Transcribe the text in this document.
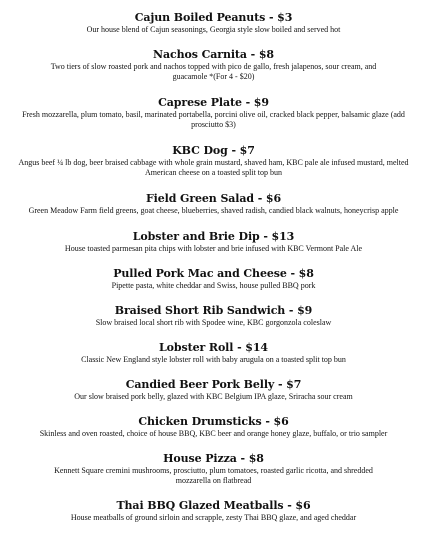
Cajun Boiled Peanuts - $3
Our house blend of Cajun seasonings, Georgia style slow boiled and served hot
Nachos Carnita - $8
Two tiers of slow roasted pork and nachos topped with pico de gallo, fresh jalapenos, sour cream, and guacamole *(For 4 - $20)
Caprese Plate - $9
Fresh mozzarella, plum tomato, basil, marinated portabella, porcini olive oil, cracked black pepper, balsamic glaze (add prosciutto $3)
KBC Dog - $7
Angus beef ¼ lb dog, beer braised cabbage with whole grain mustard, shaved ham, KBC pale ale infused mustard, melted American cheese on a toasted split top bun
Field Green Salad - $6
Green Meadow Farm field greens, goat cheese, blueberries, shaved radish, candied black walnuts, honeycrisp apple
Lobster and Brie Dip - $13
House toasted parmesan pita chips with lobster and brie infused with KBC Vermont Pale Ale
Pulled Pork Mac and Cheese - $8
Pipette pasta, white cheddar and Swiss, house pulled BBQ pork
Braised Short Rib Sandwich - $9
Slow braised local short rib with Spodee wine, KBC gorgonzola coleslaw
Lobster Roll - $14
Classic New England style lobster roll with baby arugula on a toasted split top bun
Candied Beer Pork Belly - $7
Our slow braised pork belly, glazed with KBC Belgium IPA glaze, Sriracha sour cream
Chicken Drumsticks - $6
Skinless and oven roasted, choice of house BBQ, KBC beer and orange honey glaze, buffalo, or trio sampler
House Pizza - $8
Kennett Square cremini mushrooms, prosciutto, plum tomatoes, roasted garlic ricotta, and shredded mozzarella on flatbread
Thai BBQ Glazed Meatballs - $6
House meatballs of ground sirloin and scrapple, zesty Thai BBQ glaze, and aged cheddar
